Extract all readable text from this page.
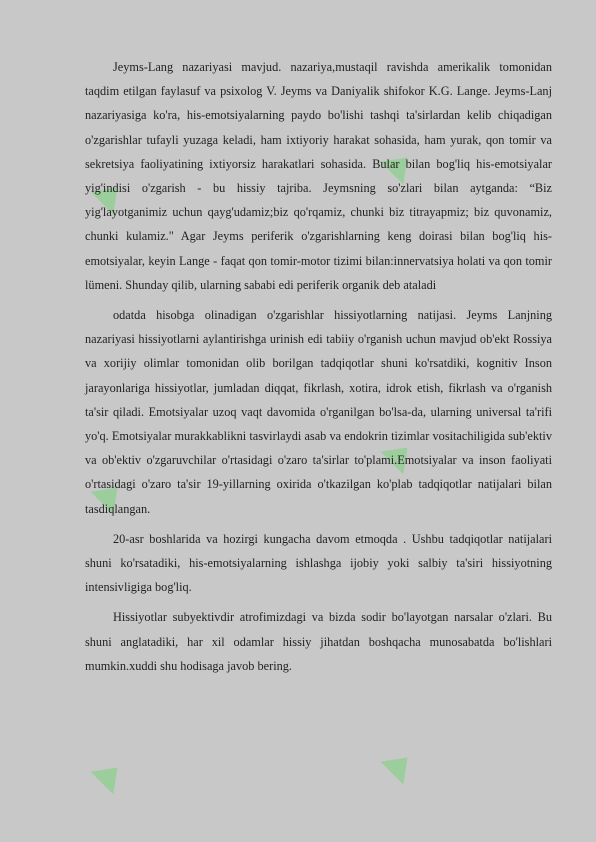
Jeyms-Lang nazariyasi mavjud. nazariya,mustaqil ravishda amerikalik tomonidan taqdim etilgan faylasuf va psixolog V. Jeyms va Daniyalik shifokor K.G. Lange. Jeyms-Lanj nazariyasiga ko'ra, his-emotsiyalarning paydo bo'lishi tashqi ta'sirlardan kelib chiqadigan o'zgarishlar tufayli yuzaga keladi, ham ixtiyoriy harakat sohasida, ham yurak, qon tomir va sekretsiya faoliyatining ixtiyorsiz harakatlari sohasida. Bular bilan bog'liq his-emotsiyalar yig'indisi o'zgarish - bu hissiy tajriba. Jeymsning so'zlari bilan aytganda: “Biz yig'layotganimiz uchun qayg'udamiz;biz qo'rqamiz, chunki biz titrayapmiz; biz quvonamiz, chunki kulamiz." Agar Jeyms periferik o'zgarishlarning keng doirasi bilan bog'liq his-emotsiyalar, keyin Lange - faqat qon tomir-motor tizimi bilan:innervatsiya holati va qon tomir lümeni. Shunday qilib, ularning sababi edi periferik organik deb ataladi

odatda hisobga olinadigan o'zgarishlar hissiyotlarning natijasi. Jeyms Lanjning nazariyasi hissiyotlarni aylantirishga urinish edi tabiiy o'rganish uchun mavjud ob'ekt Rossiya va xorijiy olimlar tomonidan olib borilgan tadqiqotlar shuni ko'rsatdiki, kognitiv Inson jarayonlariga hissiyotlar, jumladan diqqat, fikrlash, xotira, idrok etish, fikrlash va o'rganish ta'sir qiladi. Emotsiyalar uzoq vaqt davomida o'rganilgan bo'lsa-da, ularning universal ta'rifi yo'q. Emotsiyalar murakkablikni tasvirlaydi asab va endokrin tizimlar vositachiligida sub'ektiv va ob'ektiv o'zgaruvchilar o'rtasidagi o'zaro ta'sirlar to'plami.Emotsiyalar va inson faoliyati o'rtasidagi o'zaro ta'sir 19-yillarning oxirida o'tkazilgan ko'plab tadqiqotlar natijalari bilan tasdiqlangan.

20-asr boshlarida va hozirgi kungacha davom etmoqda . Ushbu tadqiqotlar natijalari shuni ko'rsatadiki, his-emotsiyalarning ishlashga ijobiy yoki salbiy ta'siri hissiyotning intensivligiga bog'liq.

Hissiyotlar subyektivdir atrofimizdagi va bizda sodir bo'layotgan narsalar o'zlari. Bu shuni anglatadiki, har xil odamlar hissiy jihatdan boshqacha munosabatda bo'lishlari mumkin.xuddi shu hodisaga javob bering.
